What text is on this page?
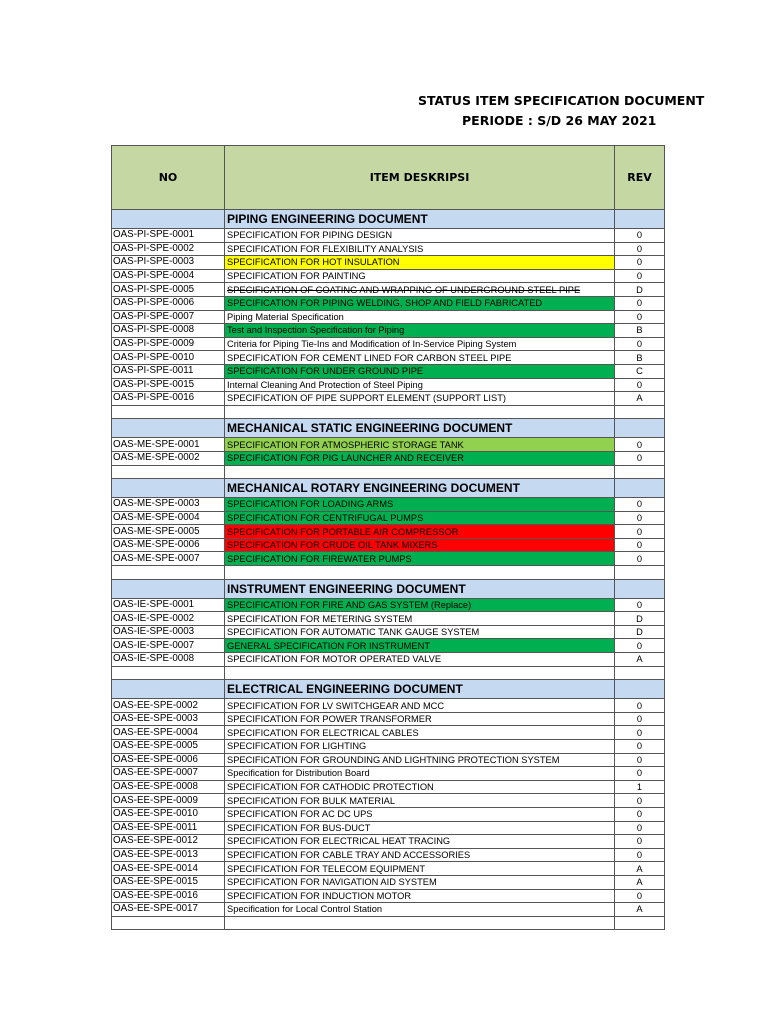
STATUS ITEM SPECIFICATION DOCUMENT
PERIODE : S/D 26 MAY 2021
NO	ITEM DESKRIPSI	REV
	PIPING ENGINEERING DOCUMENT	
OAS-PI-SPE-0001	SPECIFICATION FOR PIPING DESIGN	0
OAS-PI-SPE-0002	SPECIFICATION FOR FLEXIBILITY ANALYSIS	0
OAS-PI-SPE-0003	SPECIFICATION FOR HOT INSULATION	0
OAS-PI-SPE-0004	SPECIFICATION FOR PAINTING	0
OAS-PI-SPE-0005	SPECIFICATION OF COATING AND WRAPPING OF UNDERGROUND STEEL PIPE	D
OAS-PI-SPE-0006	SPECIFICATION FOR PIPING WELDING, SHOP AND FIELD FABRICATED	0
OAS-PI-SPE-0007	Piping Material Specification	0
OAS-PI-SPE-0008	Test and Inspection Specification for Piping	B
OAS-PI-SPE-0009	Criteria for Piping Tie-Ins and Modification of In-Service Piping System	0
OAS-PI-SPE-0010	SPECIFICATION FOR CEMENT LINED FOR CARBON STEEL PIPE	B
OAS-PI-SPE-0011	SPECIFICATION FOR UNDER GROUND PIPE	C
OAS-PI-SPE-0015	Internal Cleaning And Protection of Steel Piping	0
OAS-PI-SPE-0016	SPECIFICATION OF PIPE SUPPORT ELEMENT (SUPPORT LIST)	A

	MECHANICAL STATIC ENGINEERING DOCUMENT	
OAS-ME-SPE-0001	SPECIFICATION FOR ATMOSPHERIC STORAGE TANK	0
OAS-ME-SPE-0002	SPECIFICATION FOR PIG LAUNCHER AND RECEIVER	0

	MECHANICAL ROTARY ENGINEERING DOCUMENT	
OAS-ME-SPE-0003	SPECIFICATION FOR LOADING ARMS	0
OAS-ME-SPE-0004	SPECIFICATION FOR CENTRIFUGAL PUMPS	0
OAS-ME-SPE-0005	SPECIFICATION FOR PORTABLE AIR COMPRESSOR	0
OAS-ME-SPE-0006	SPECIFICATION FOR CRUDE OIL TANK MIXERS	0
OAS-ME-SPE-0007	SPECIFICATION FOR FIREWATER PUMPS	0

	INSTRUMENT ENGINEERING DOCUMENT	
OAS-IE-SPE-0001	SPECIFICATION FOR FIRE AND GAS SYSTEM (Replace)	0
OAS-IE-SPE-0002	SPECIFICATION FOR METERING SYSTEM	D
OAS-IE-SPE-0003	SPECIFICATION FOR AUTOMATIC TANK GAUGE SYSTEM	D
OAS-IE-SPE-0007	GENERAL SPECIFICATION FOR INSTRUMENT	0
OAS-IE-SPE-0008	SPECIFICATION FOR MOTOR OPERATED VALVE	A

	ELECTRICAL ENGINEERING DOCUMENT	
OAS-EE-SPE-0002	SPECIFICATION FOR LV SWITCHGEAR AND MCC	0
OAS-EE-SPE-0003	SPECIFICATION FOR POWER TRANSFORMER	0
OAS-EE-SPE-0004	SPECIFICATION FOR ELECTRICAL CABLES	0
OAS-EE-SPE-0005	SPECIFICATION FOR LIGHTING	0
OAS-EE-SPE-0006	SPECIFICATION FOR GROUNDING AND LIGHTNING PROTECTION SYSTEM	0
OAS-EE-SPE-0007	Specification for Distribution Board	0
OAS-EE-SPE-0008	SPECIFICATION FOR CATHODIC PROTECTION	1
OAS-EE-SPE-0009	SPECIFICATION FOR BULK MATERIAL	0
OAS-EE-SPE-0010	SPECIFICATION FOR AC DC UPS	0
OAS-EE-SPE-0011	SPECIFICATION FOR BUS-DUCT	0
OAS-EE-SPE-0012	SPECIFICATION FOR ELECTRICAL HEAT TRACING	0
OAS-EE-SPE-0013	SPECIFICATION FOR CABLE TRAY AND ACCESSORIES	0
OAS-EE-SPE-0014	SPECIFICATION FOR TELECOM EQUIPMENT	A
OAS-EE-SPE-0015	SPECIFICATION FOR NAVIGATION AID SYSTEM	A
OAS-EE-SPE-0016	SPECIFICATION FOR INDUCTION MOTOR	0
OAS-EE-SPE-0017	Specification for Local Control Station	A
